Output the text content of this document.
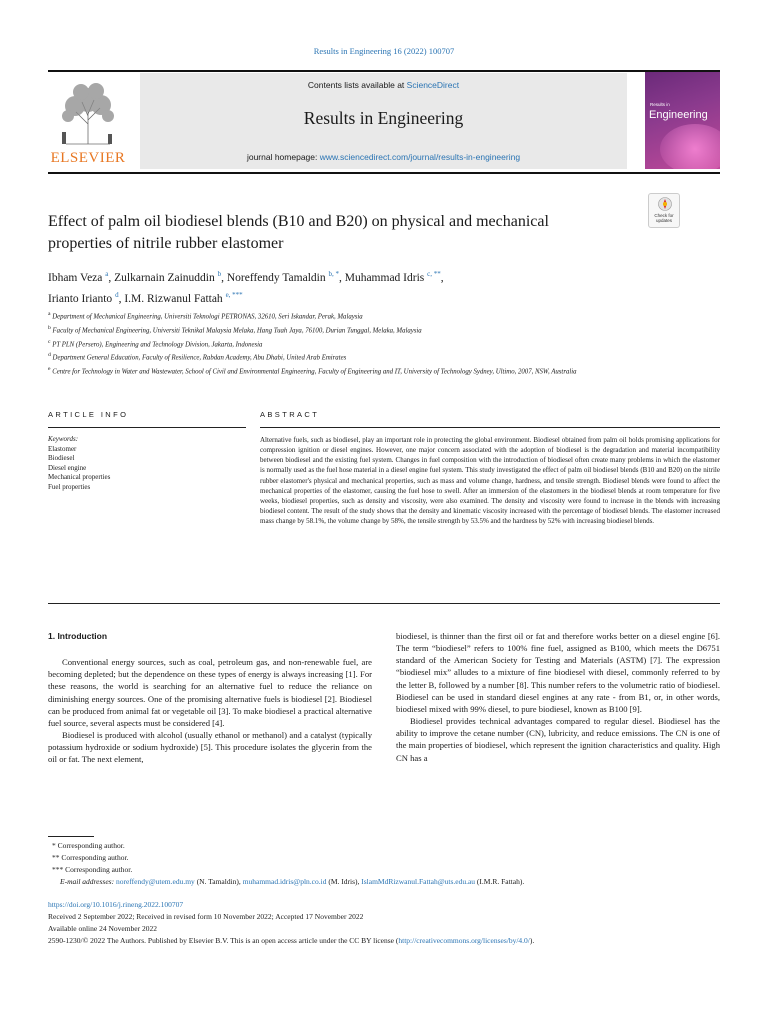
Results in Engineering 16 (2022) 100707
ELSEVIER
Contents lists available at ScienceDirect
Results in Engineering
journal homepage: www.sciencedirect.com/journal/results-in-engineering
Results in
Engineering
Check for updates
Effect of palm oil biodiesel blends (B10 and B20) on physical and mechanical properties of nitrile rubber elastomer
Ibham Veza $^a$, Zulkarnain Zainuddin $^b$, Noreffendy Tamaldin $^{b, *}$, Muhammad Idris $^{c, **}$,
Irianto Irianto $^d$, I.M. Rizwanul Fattah $^{e, ***}$
$^a$ Department of Mechanical Engineering, Universiti Teknologi PETRONAS, 32610, Seri Iskandar, Perak, Malaysia
$^b$ Faculty of Mechanical Engineering, Universiti Teknikal Malaysia Melaka, Hang Tuah Jaya, 76100, Durian Tunggal, Melaka, Malaysia
$^c$ PT PLN (Persero), Engineering and Technology Division, Jakarta, Indonesia
$^d$ Department General Education, Faculty of Resilience, Rabdan Academy, Abu Dhabi, United Arab Emirates
$^e$ Centre for Technology in Water and Wastewater, School of Civil and Environmental Engineering, Faculty of Engineering and IT, University of Technology Sydney, Ultimo, 2007, NSW, Australia
ARTICLE INFO	ABSTRACT
Keywords:
Elastomer
Biodiesel
Diesel engine
Mechanical properties
Fuel properties
Alternative fuels, such as biodiesel, play an important role in protecting the global environment. Biodiesel obtained from palm oil holds promising applications for compression ignition or diesel engines. However, one major concern associated with the adoption of biodiesel is the degradation and material incompatibility between biodiesel and the existing fuel system. Changes in fuel composition with the introduction of biodiesel often create many problems in which the elastomer is normally used as the fuel hose material in a diesel engine fuel system. This study investigated the effect of palm oil biodiesel blends (B10 and B20) on the nitrile rubber elastomer's physical and mechanical properties, such as mass and volume change, hardness, and tensile strength. Biodiesel blends were found to affect the mechanical properties of the elastomer, causing the fuel hose to swell. After an immersion of the elastomers in the biodiesel blends at room temperature for five weeks, biodiesel properties, such as density and viscosity, were also examined. The density and viscosity were found to increase in the blends with increasing biodiesel content. The result of the study shows that the density and kinematic viscosity increased with the percentage of biodiesel blends. The elastomer increased mass change by 58.1%, the volume change by 58%, the tensile strength by 53.5% and the hardness by 52% with increasing biodiesel blends.
1. Introduction

Conventional energy sources, such as coal, petroleum gas, and non-renewable fuel, are becoming depleted; but the dependence on these types of energy is always increasing [1]. For these reasons, the world is searching for an alternative fuel to reduce the reliance on diminishing energy sources. One of the promising alternative fuels is biodiesel [2]. Biodiesel can be produced from animal fat or vegetable oil [3]. To make biodiesel a practical alternative fuel source, several aspects must be considered [4].

Biodiesel is produced with alcohol (usually ethanol or methanol) and a catalyst (typically potassium hydroxide or sodium hydroxide) [5]. This procedure isolates the glycerin from the oil or fat. The next element,

biodiesel, is thinner than the first oil or fat and therefore works better on a diesel engine [6]. The term “biodiesel” refers to 100% fine fuel, assigned as B100, which meets the D6751 standard of the American Society for Testing and Materials (ASTM) [7]. The expression “biodiesel mix” alludes to a mixture of fine biodiesel with diesel, commonly referred to by the letter B, followed by a number [8]. This number refers to the volumetric ratio of biodiesel. Biodiesel can be used in standard diesel engines at any rate - from B1, or, in other words, biodiesel mixed with 99% diesel, to pure biodiesel, known as B100 [9].

Biodiesel provides technical advantages compared to regular diesel. Biodiesel has the ability to improve the cetane number (CN), lubricity, and reduce emissions. The CN is one of the main properties of biodiesel, which represent the ignition characteristics and quality. High CN has a

* Corresponding author.
** Corresponding author.
*** Corresponding author.
E-mail addresses: noreffendy@utem.edu.my (N. Tamaldin), muhammad.idris@pln.co.id (M. Idris), IslamMdRizwanul.Fattah@uts.edu.au (I.M.R. Fattah).
https://doi.org/10.1016/j.rineng.2022.100707
Received 2 September 2022; Received in revised form 10 November 2022; Accepted 17 November 2022
Available online 24 November 2022
2590-1230/© 2022 The Authors. Published by Elsevier B.V. This is an open access article under the CC BY license (http://creativecommons.org/licenses/by/4.0/).
